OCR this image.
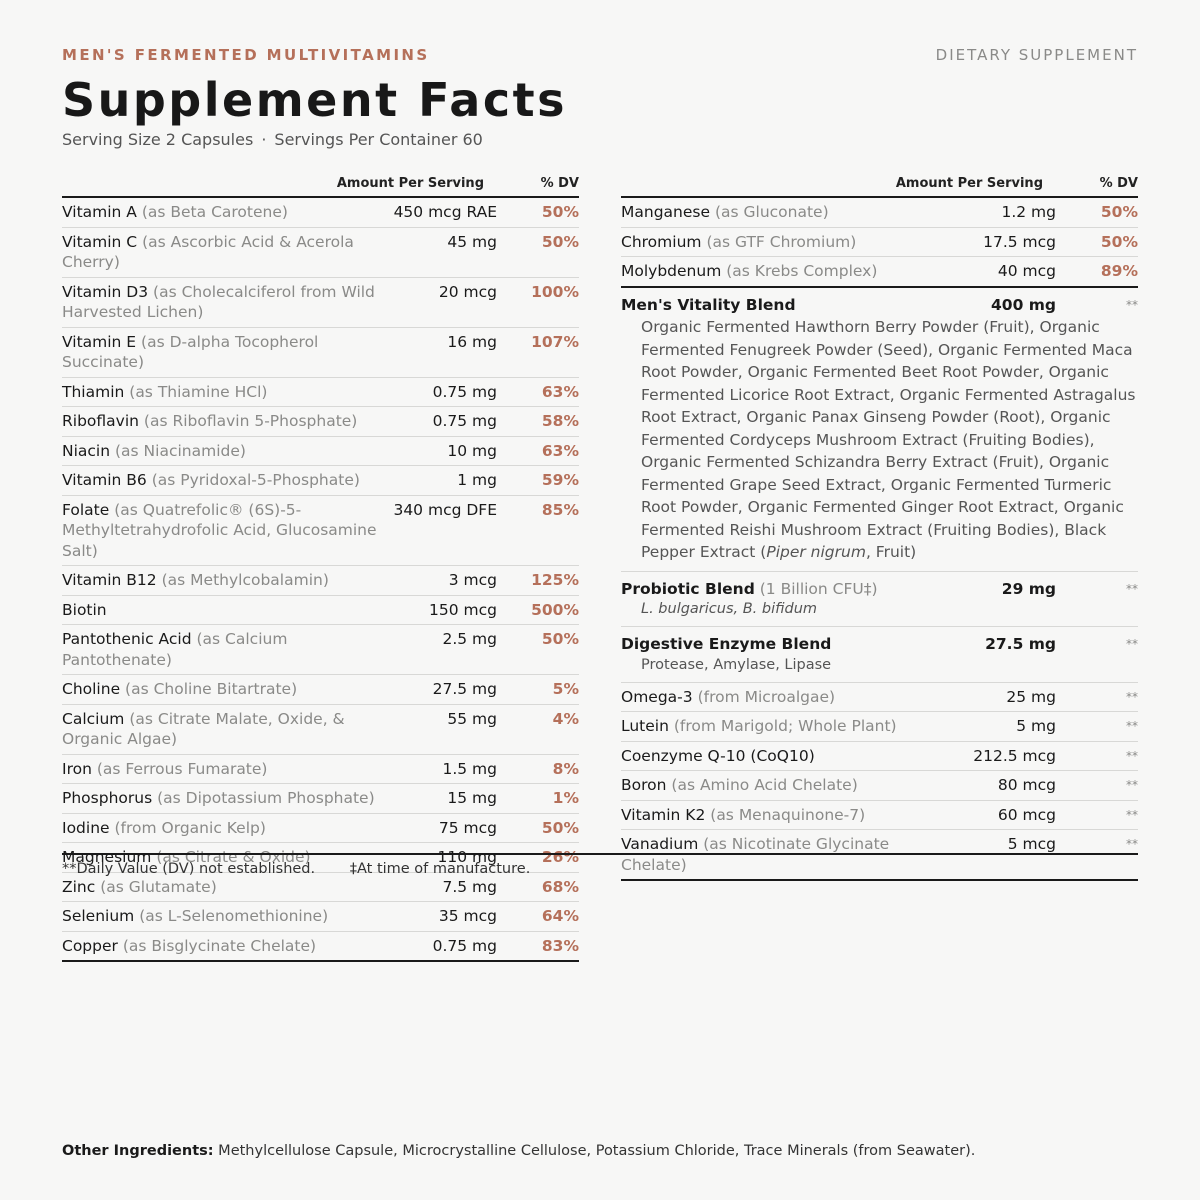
MEN'S FERMENTED MULTIVITAMINS	DIETARY SUPPLEMENT
Supplement Facts
Serving Size 2 Capsules · Servings Per Container 60
Amount Per Serving	% DV
Vitamin A (as Beta Carotene)	450 mcg RAE	50%
Vitamin C (as Ascorbic Acid & Acerola Cherry)
45 mg	50%
Vitamin D3 (as Cholecalciferol from Wild Harvested Lichen)
20 mcg 100%
Vitamin E (as D-alpha Tocopherol Succinate)
16 mg 107%
Thiamin (as Thiamine HCl)	0.75 mg	63%
Riboflavin (as Riboflavin 5-Phosphate)	0.75 mg	58%
Niacin (as Niacinamide)	10 mg	63%
Vitamin B6 (as Pyridoxal-5-Phosphate)	1 mg	59%
Folate (as Quatrefolic® (6S)-5-Methyltetrahydrofolic Acid, Glucosamine Salt)
340 mcg DFE	85%
Vitamin B12 (as Methylcobalamin)	3 mcg 125%
Biotin	150 mcg 500%
Pantothenic Acid (as Calcium Pantothenate)
2.5 mg	50%
Choline (as Choline Bitartrate)	27.5 mg	5%
Calcium (as Citrate Malate, Oxide, & Organic Algae)
55 mg	4%
Iron (as Ferrous Fumarate)	1.5 mg	8%
Phosphorus (as Dipotassium Phosphate)	15 mg	1%
Iodine (from Organic Kelp)	75 mcg	50%
Magnesium (as Citrate & Oxide)	110 mg	26%
Zinc (as Glutamate)	7.5 mg	68%
Selenium (as L-Selenomethionine)	35 mcg	64%
Copper (as Bisglycinate Chelate)	0.75 mg	83%
Amount Per Serving	% DV
Manganese (as Gluconate)	1.2 mg	50%
Chromium (as GTF Chromium)	17.5 mcg	50%
Molybdenum (as Krebs Complex)	40 mcg	89%
Men's Vitality Blend	400 mg	**
Organic Fermented Hawthorn Berry Powder (Fruit), Organic Fermented Fenugreek Powder (Seed), Organic Fermented Maca Root Powder, Organic Fermented Beet Root Powder, Organic Fermented Licorice Root Extract, Organic Fermented Astragalus Root Extract, Organic Panax Ginseng Powder (Root), Organic Fermented Cordyceps Mushroom Extract (Fruiting Bodies), Organic Fermented Schizandra Berry Extract (Fruit), Organic Fermented Grape Seed Extract, Organic Fermented Turmeric Root Powder, Organic Fermented Ginger Root Extract, Organic Fermented Reishi Mushroom Extract (Fruiting Bodies), Black Pepper Extract (Piper nigrum, Fruit)
Probiotic Blend (1 Billion CFU‡)	29 mg	**
L. bulgaricus, B. bifidum
Digestive Enzyme Blend	27.5 mg	**
Protease, Amylase, Lipase
Omega-3 (from Microalgae)	25 mg	**
Lutein (from Marigold; Whole Plant)	5 mg	**
Coenzyme Q-10 (CoQ10)	212.5 mcg	**
Boron (as Amino Acid Chelate)	80 mcg	**
Vitamin K2 (as Menaquinone-7)	60 mcg	**
Vanadium (as Nicotinate Glycinate Chelate)
5 mcg	**
**Daily Value (DV) not established. ‡At time of manufacture.
Other Ingredients: Methylcellulose Capsule, Microcrystalline Cellulose, Potassium Chloride, Trace Minerals (from Seawater).
